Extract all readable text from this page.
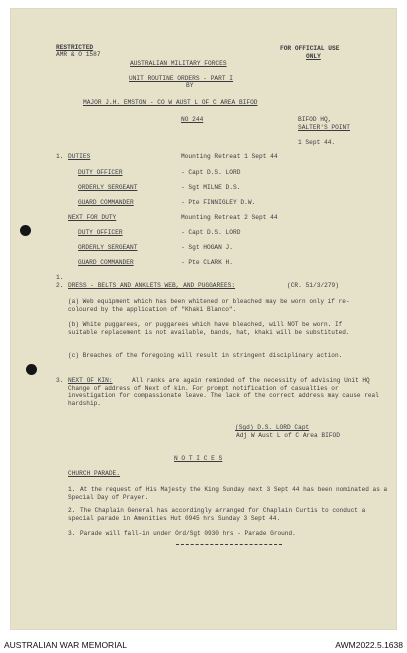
RESTRICTED
AMR & O 1587
FOR OFFICIAL USE
ONLY
AUSTRALIAN MILITARY FORCES
UNIT ROUTINE ORDERS - PART I
BY
MAJOR J.H. EMSTON - CO W AUST L OF C AREA BIFOD
NO 244	BIFOD HQ,
SALTER'S POINT
1 Sept 44.
1. DUTIES	Mounting Retreat 1 Sept 44
DUTY OFFICER	- Capt D.S. LORD
ORDERLY SERGEANT	- Sgt MILNE D.S.
GUARD COMMANDER	- Pte FINNIGLEY D.W.
NEXT FOR DUTY	Mounting Retreat 2 Sept 44
DUTY OFFICER	- Capt D.S. LORD
ORDERLY SERGEANT	- Sgt HOGAN J.
GUARD COMMANDER	- Pte CLARK H.
1.
2. DRESS - BELTS AND ANKLETS WEB, AND PUGGAREES:	(CR. 51/3/279)
(a) Web equipment which has been whitened or bleached may be worn only if re-coloured by the application of "Khaki Blanco".
(b) White puggarees, or puggarees which have bleached, will NOT be worn. If suitable replacement is not available, bands, hat, khaki will be substituted.
(c) Breaches of the foregoing will result in stringent disciplinary action.
3. NEXT OF KIN:	All ranks are again reminded of the necessity of advising Unit HQ Change of address of Next of kin. For prompt notification of casualties or investigation for compassionate leave. The lack of the correct address may cause real hardship.
(Sgd) D.S. LORD Capt
Adj W Aust L of C Area BIFOD
N O T I C E S
CHURCH PARADE.
1. At the request of His Majesty the King Sunday next 3 Sept 44 has been nominated as a Special Day of Prayer.
2. The Chaplain General has accordingly arranged for Chaplain Curtis to conduct a special parade in Amenities Hut 0945 hrs Sunday 3 Sept 44.
3. Parade will fall-in under Ord/Sgt 0930 hrs - Parade Ground.
AUSTRALIAN WAR MEMORIAL	AWM2022.5.1638
